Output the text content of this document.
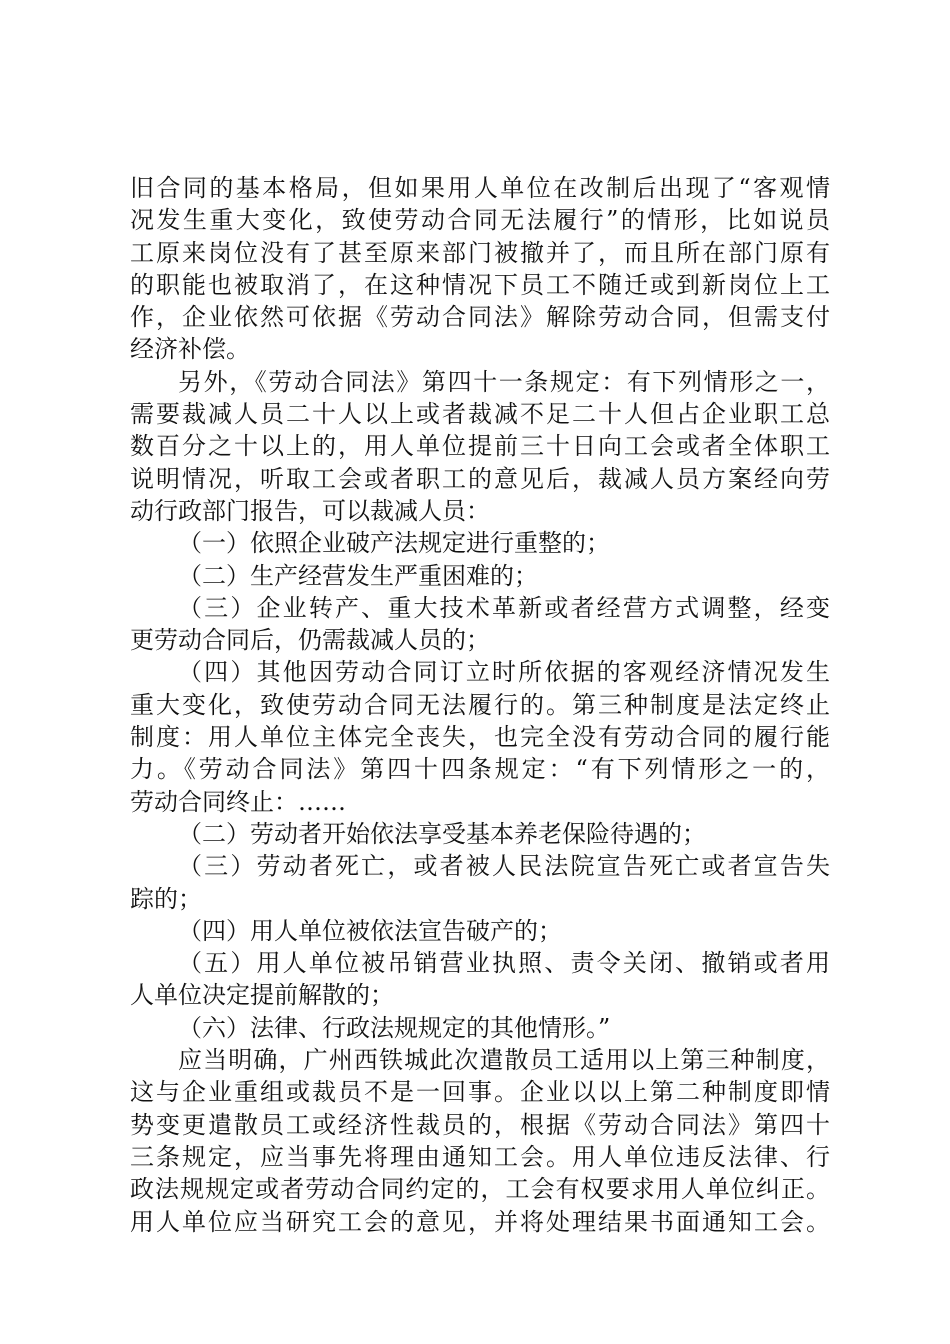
旧合同的基本格局，但如果用人单位在改制后出现了“客观情
况发生重大变化，致使劳动合同无法履行”的情形，比如说员
工原来岗位没有了甚至原来部门被撤并了，而且所在部门原有
的职能也被取消了，在这种情况下员工不随迁或到新岗位上工
作，企业依然可依据《劳动合同法》解除劳动合同，但需支付
经济补偿。
另外，《劳动合同法》第四十一条规定：有下列情形之一，
需要裁减人员二十人以上或者裁减不足二十人但占企业职工总
数百分之十以上的，用人单位提前三十日向工会或者全体职工
说明情况，听取工会或者职工的意见后，裁减人员方案经向劳
动行政部门报告，可以裁减人员：
（一）依照企业破产法规定进行重整的；
（二）生产经营发生严重困难的；
（三）企业转产、重大技术革新或者经营方式调整，经变
更劳动合同后，仍需裁减人员的；
（四）其他因劳动合同订立时所依据的客观经济情况发生
重大变化，致使劳动合同无法履行的。第三种制度是法定终止
制度：用人单位主体完全丧失，也完全没有劳动合同的履行能
力。《劳动合同法》第四十四条规定：“有下列情形之一的，
劳动合同终止：……
（二）劳动者开始依法享受基本养老保险待遇的；
（三）劳动者死亡，或者被人民法院宣告死亡或者宣告失
踪的；
（四）用人单位被依法宣告破产的；
（五）用人单位被吊销营业执照、责令关闭、撤销或者用
人单位决定提前解散的；
（六）法律、行政法规规定的其他情形。”
应当明确，广州西铁城此次遣散员工适用以上第三种制度，
这与企业重组或裁员不是一回事。企业以以上第二种制度即情
势变更遣散员工或经济性裁员的，根据《劳动合同法》第四十
三条规定，应当事先将理由通知工会。用人单位违反法律、行
政法规规定或者劳动合同约定的，工会有权要求用人单位纠正。
用人单位应当研究工会的意见，并将处理结果书面通知工会。
